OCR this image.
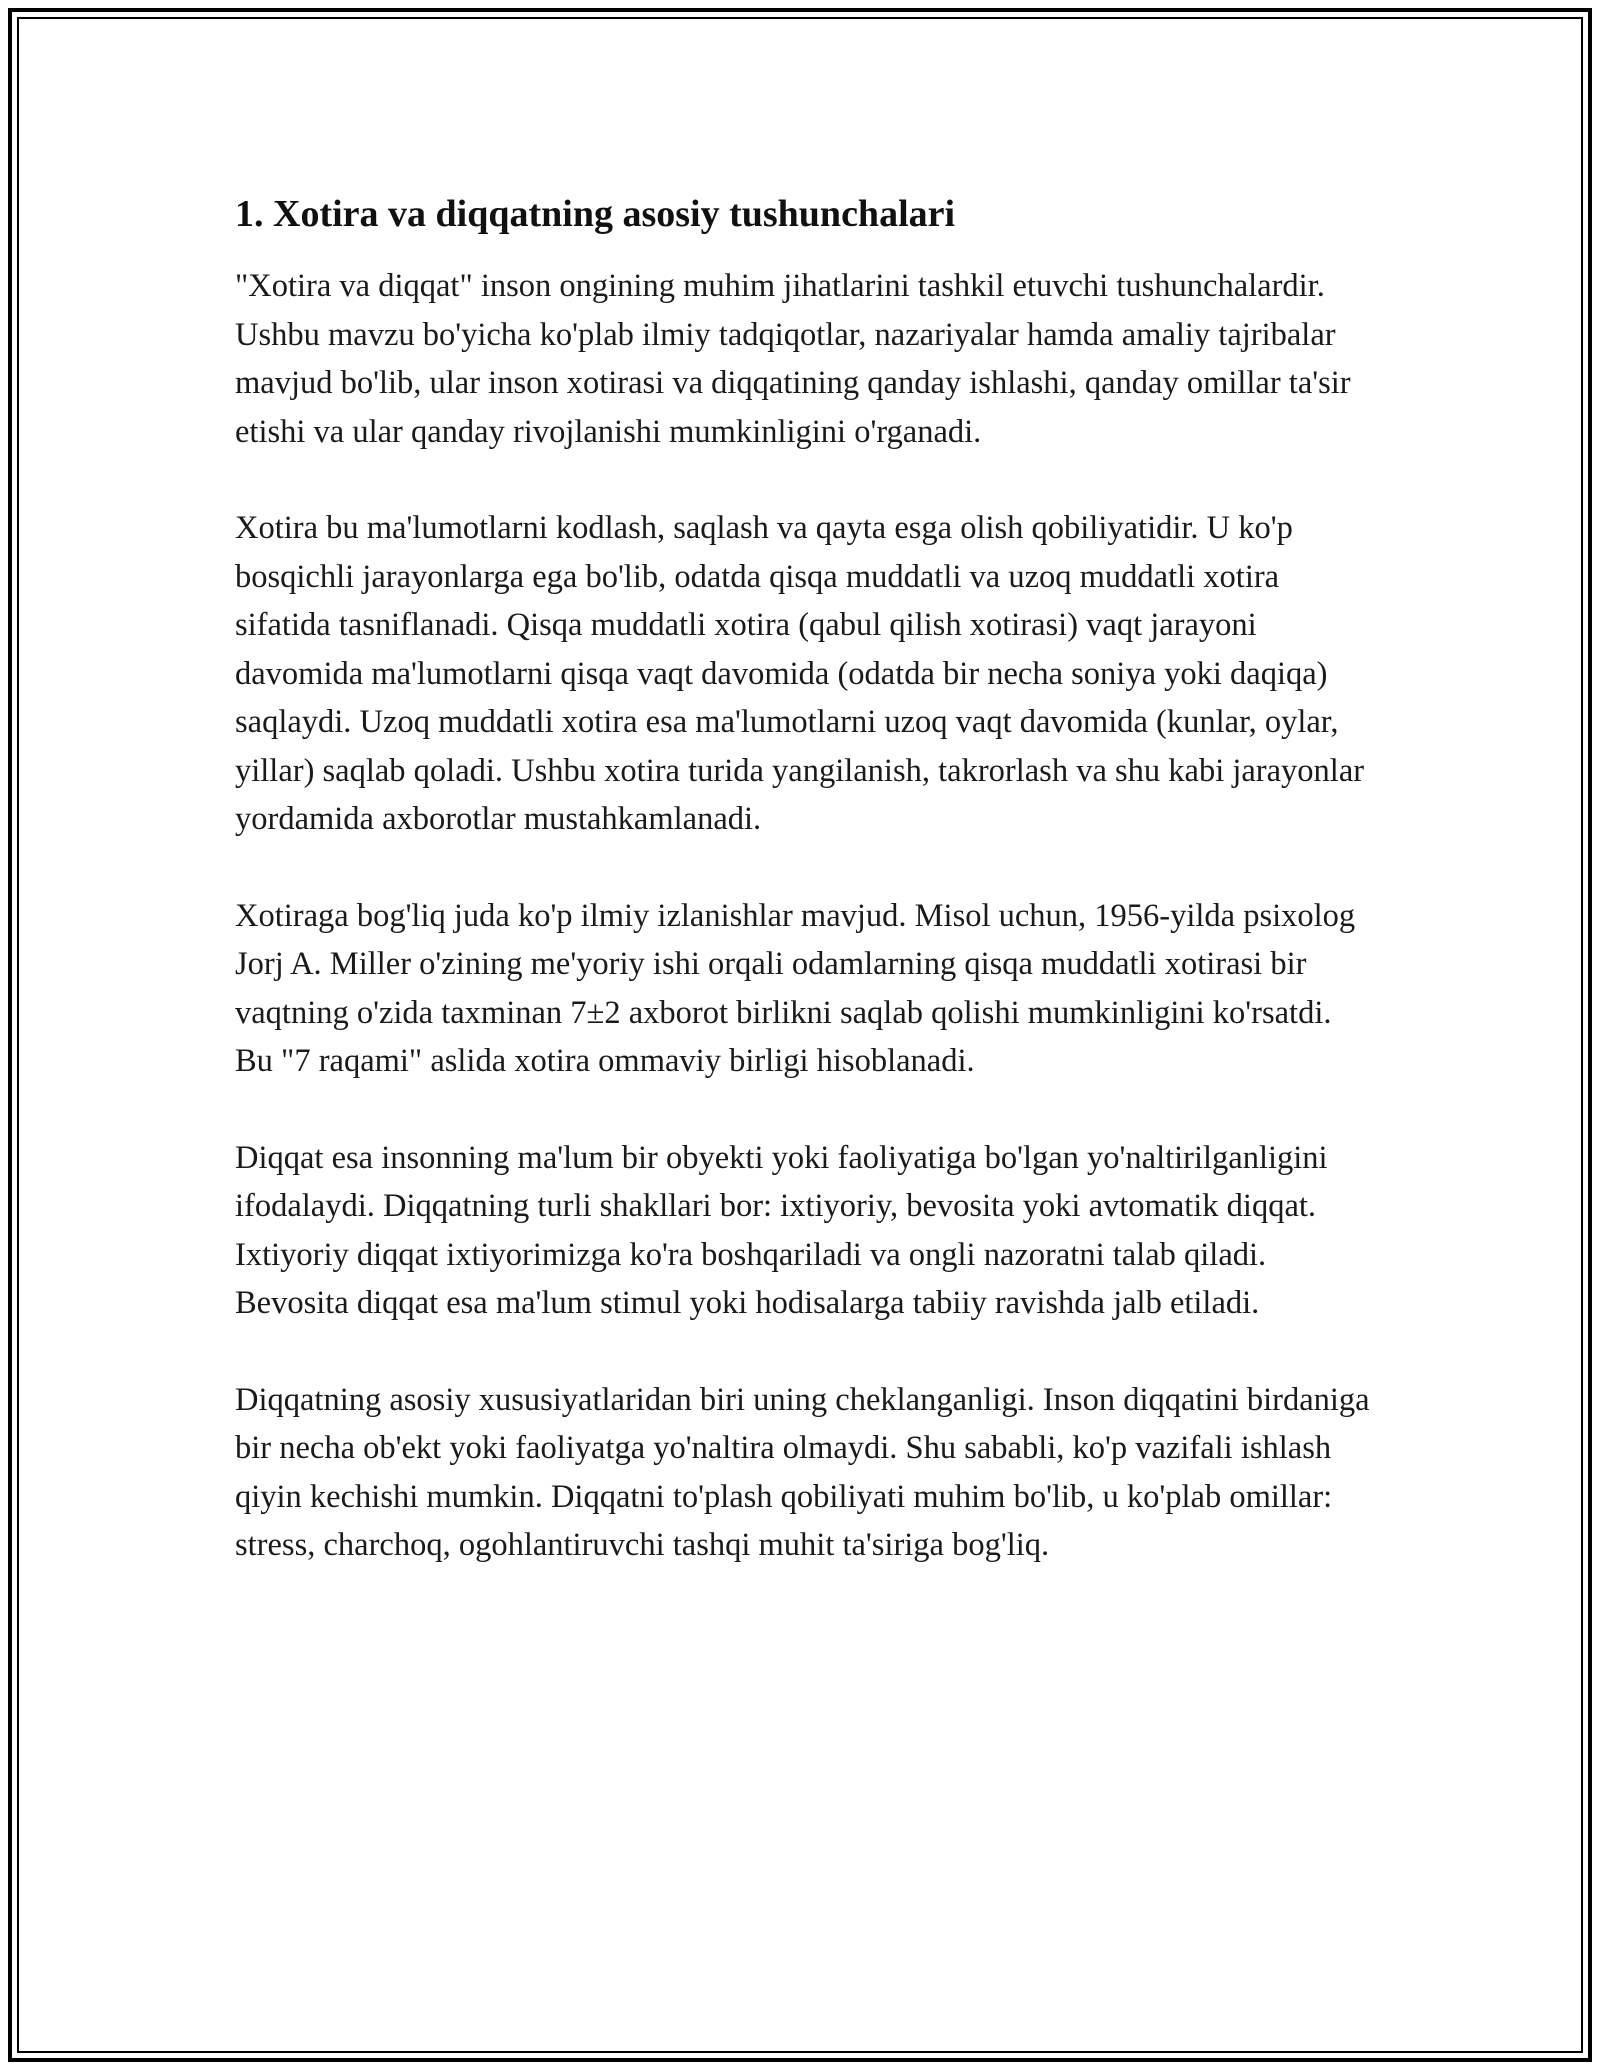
1. Xotira va diqqatning asosiy tushunchalari

"Xotira va diqqat" inson ongining muhim jihatlarini tashkil etuvchi tushunchalardir. Ushbu mavzu bo'yicha ko'plab ilmiy tadqiqotlar, nazariyalar hamda amaliy tajribalar mavjud bo'lib, ular inson xotirasi va diqqatining qanday ishlashi, qanday omillar ta'sir etishi va ular qanday rivojlanishi mumkinligini o'rganadi.

Xotira bu ma'lumotlarni kodlash, saqlash va qayta esga olish qobiliyatidir. U ko'p bosqichli jarayonlarga ega bo'lib, odatda qisqa muddatli va uzoq muddatli xotira sifatida tasniflanadi. Qisqa muddatli xotira (qabul qilish xotirasi) vaqt jarayoni davomida ma'lumotlarni qisqa vaqt davomida (odatda bir necha soniya yoki daqiqa) saqlaydi. Uzoq muddatli xotira esa ma'lumotlarni uzoq vaqt davomida (kunlar, oylar, yillar) saqlab qoladi. Ushbu xotira turida yangilanish, takrorlash va shu kabi jarayonlar yordamida axborotlar mustahkamlanadi.

Xotiraga bog'liq juda ko'p ilmiy izlanishlar mavjud. Misol uchun, 1956-yilda psixolog Jorj A. Miller o'zining me'yoriy ishi orqali odamlarning qisqa muddatli xotirasi bir vaqtning o'zida taxminan 7±2 axborot birlikni saqlab qolishi mumkinligini ko'rsatdi. Bu "7 raqami" aslida xotira ommaviy birligi hisoblanadi.

Diqqat esa insonning ma'lum bir obyekti yoki faoliyatiga bo'lgan yo'naltirilganligini ifodalaydi. Diqqatning turli shakllari bor: ixtiyoriy, bevosita yoki avtomatik diqqat. Ixtiyoriy diqqat ixtiyorimizga ko'ra boshqariladi va ongli nazoratni talab qiladi. Bevosita diqqat esa ma'lum stimul yoki hodisalarga tabiiy ravishda jalb etiladi.

Diqqatning asosiy xususiyatlaridan biri uning cheklanganligi. Inson diqqatini birdaniga bir necha ob'ekt yoki faoliyatga yo'naltira olmaydi. Shu sababli, ko'p vazifali ishlash qiyin kechishi mumkin. Diqqatni to'plash qobiliyati muhim bo'lib, u ko'plab omillar: stress, charchoq, ogohlantiruvchi tashqi muhit ta'siriga bog'liq.
